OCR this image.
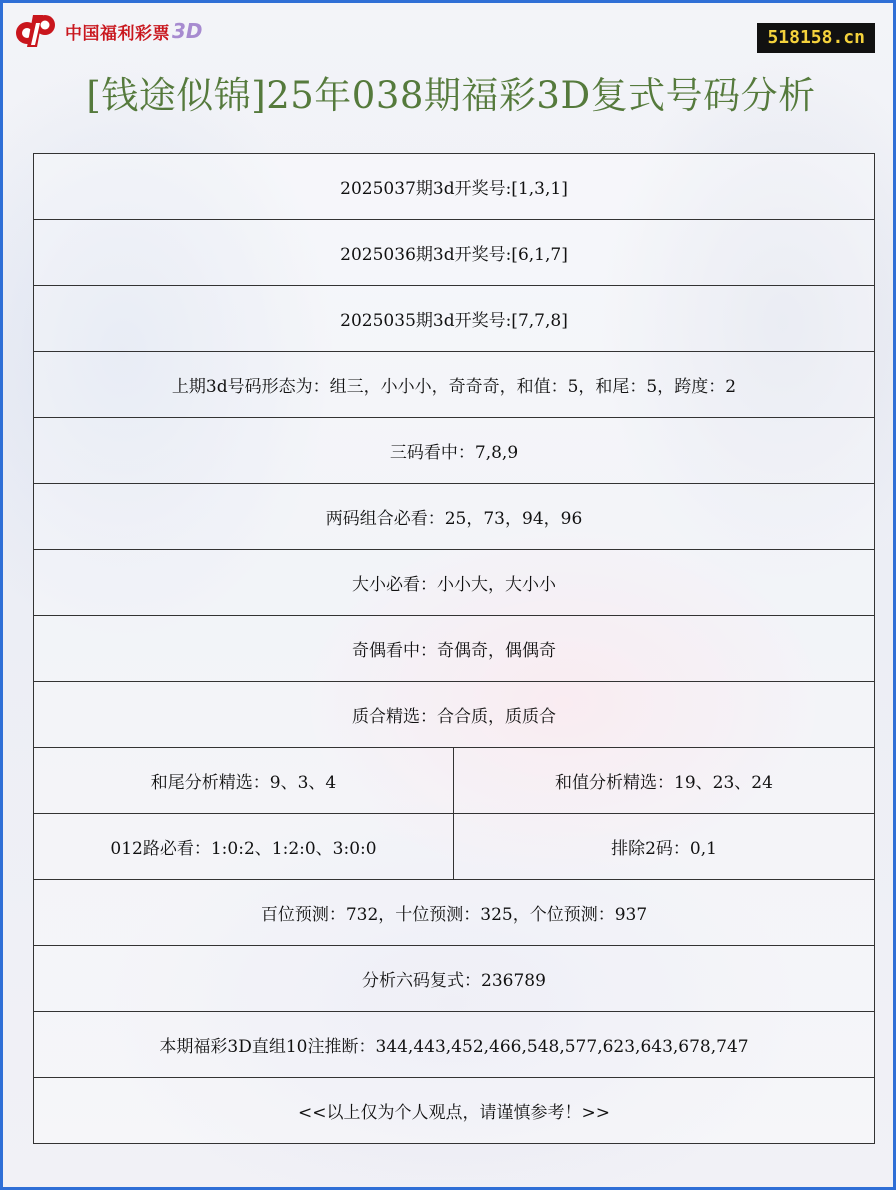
中国福利彩票 3D	518158.cn
[钱途似锦]25年038期福彩3D复式号码分析
2025037期3d开奖号:[1,3,1]	
2025036期3d开奖号:[6,1,7]	
2025035期3d开奖号:[7,7,8]	
上期3d号码形态为：组三，小小小，奇奇奇，和值：5，和尾：5，跨度：2	
三码看中：7,8,9	
两码组合必看：25，73，94，96	
大小必看：小小大，大小小	
奇偶看中：奇偶奇，偶偶奇	
质合精选：合合质，质质合	
和尾分析精选：9、3、4	和值分析精选：19、23、24
012路必看：1:0:2、1:2:0、3:0:0	排除2码：0,1
百位预测：732，十位预测：325，个位预测：937	
分析六码复式：236789	
本期福彩3D直组10注推断：344,443,452,466,548,577,623,643,678,747	
<<以上仅为个人观点，请谨慎参考！>>	
